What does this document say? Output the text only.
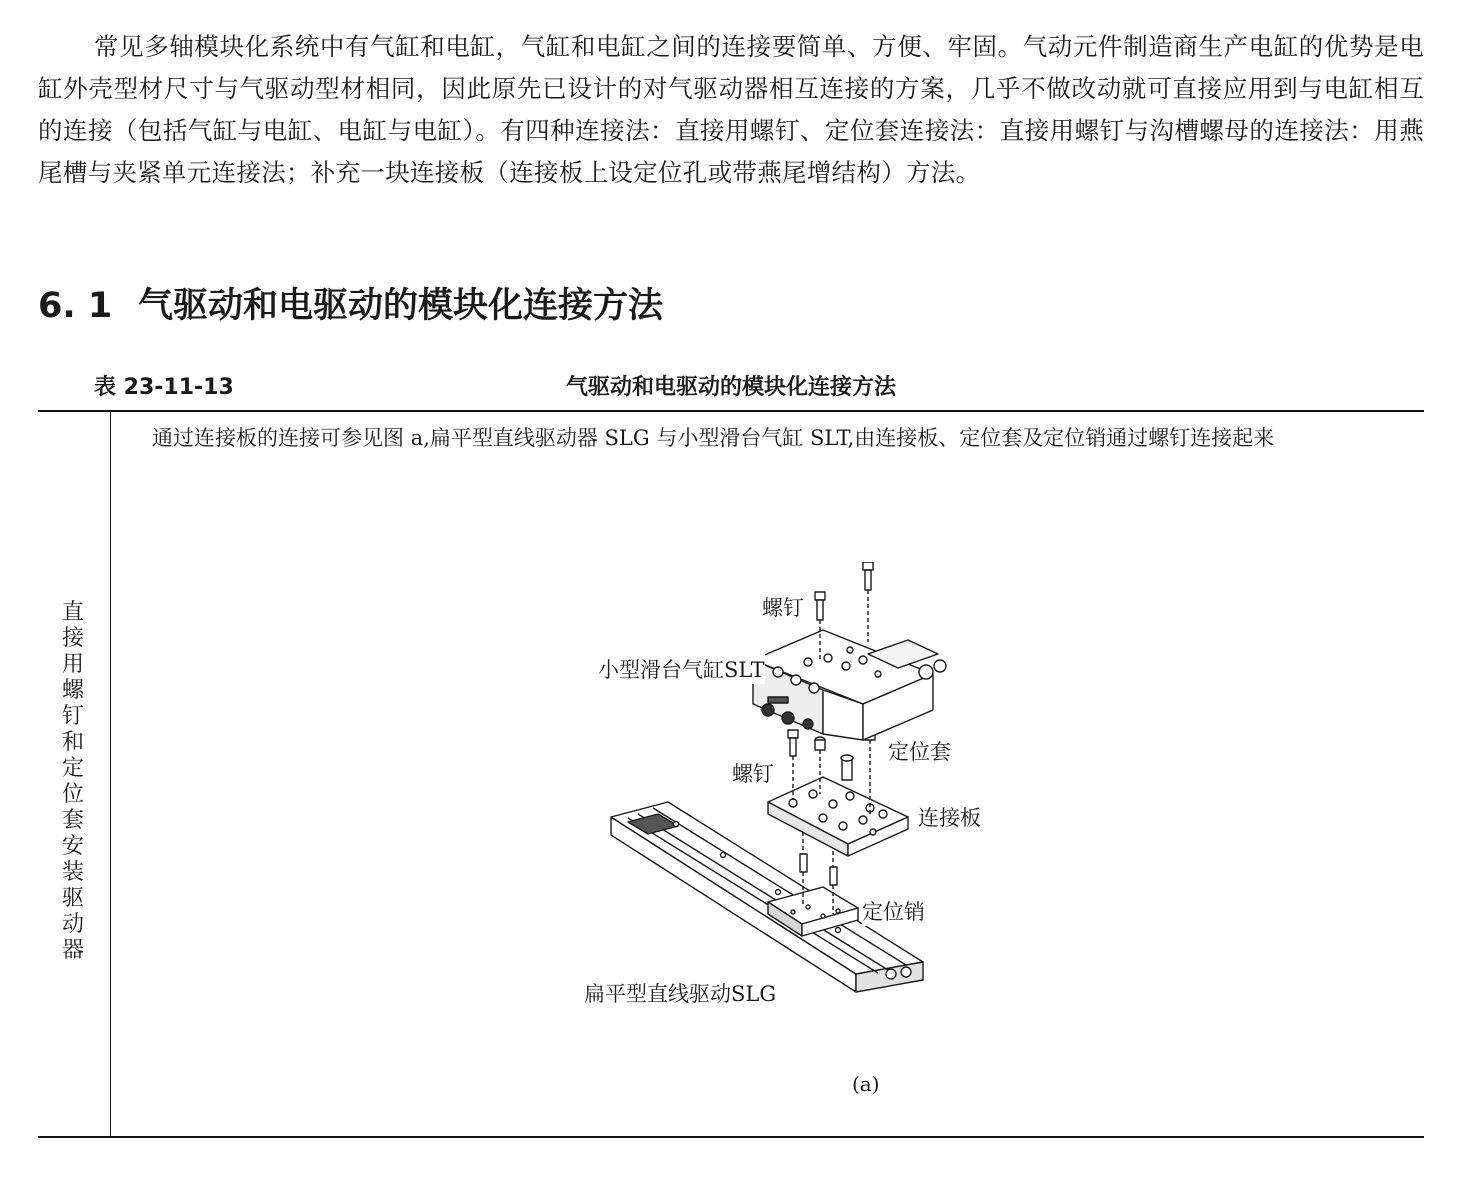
常见多轴模块化系统中有气缸和电缸，气缸和电缸之间的连接要简单、方便、牢固。气动元件制造商生产电缸的优势是电缸外壳型材尺寸与气驱动型材相同，因此原先已设计的对气驱动器相互连接的方案，几乎不做改动就可直接应用到与电缸相互的连接（包括气缸与电缸、电缸与电缸）。有四种连接法：直接用螺钉、定位套连接法：直接用螺钉与沟槽螺母的连接法：用燕尾槽与夹紧单元连接法；补充一块连接板（连接板上设定位孔或带燕尾增结构）方法。

6. 1 气驱动和电驱动的模块化连接方法
表 23-11-13	气驱动和电驱动的模块化连接方法
直接用螺钉和定位套安装驱动器

通过连接板的连接可参见图 a,扁平型直线驱动器 SLG 与小型滑台气缸 SLT,由连接板、定位套及定位销通过螺钉连接起来

螺钉
小型滑台气缸SLT
定位套
螺钉
连接板
定位销
扁平型直线驱动SLG
(a)
